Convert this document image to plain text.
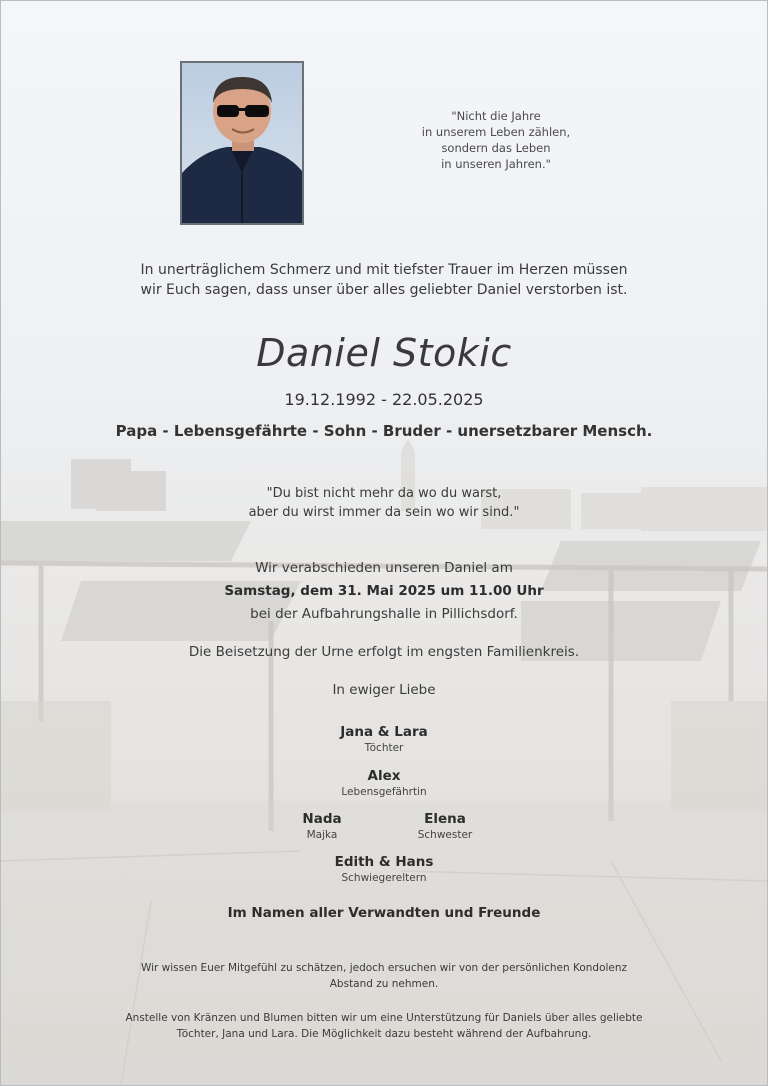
"Nicht die Jahre
in unserem Leben zählen,
sondern das Leben
in unseren Jahren."
In unerträglichem Schmerz und mit tiefster Trauer im Herzen müssen
wir Euch sagen, dass unser über alles geliebter Daniel verstorben ist.
Daniel Stokic
19.12.1992 - 22.05.2025
Papa - Lebensgefährte - Sohn - Bruder - unersetzbarer Mensch.
"Du bist nicht mehr da wo du warst,
aber du wirst immer da sein wo wir sind."
Wir verabschieden unseren Daniel am
Samstag, dem 31. Mai 2025 um 11.00 Uhr
bei der Aufbahrungshalle in Pillichsdorf.
Die Beisetzung der Urne erfolgt im engsten Familienkreis.
In ewiger Liebe
Jana & Lara
Töchter
Alex
Lebensgefährtin
Nada
Majka
Elena
Schwester
Edith & Hans
Schwiegereltern
Im Namen aller Verwandten und Freunde
Wir wissen Euer Mitgefühl zu schätzen, jedoch ersuchen wir von der persönlichen Kondolenz
Abstand zu nehmen.
Anstelle von Kränzen und Blumen bitten wir um eine Unterstützung für Daniels über alles geliebte
Töchter, Jana und Lara. Die Möglichkeit dazu besteht während der Aufbahrung.
